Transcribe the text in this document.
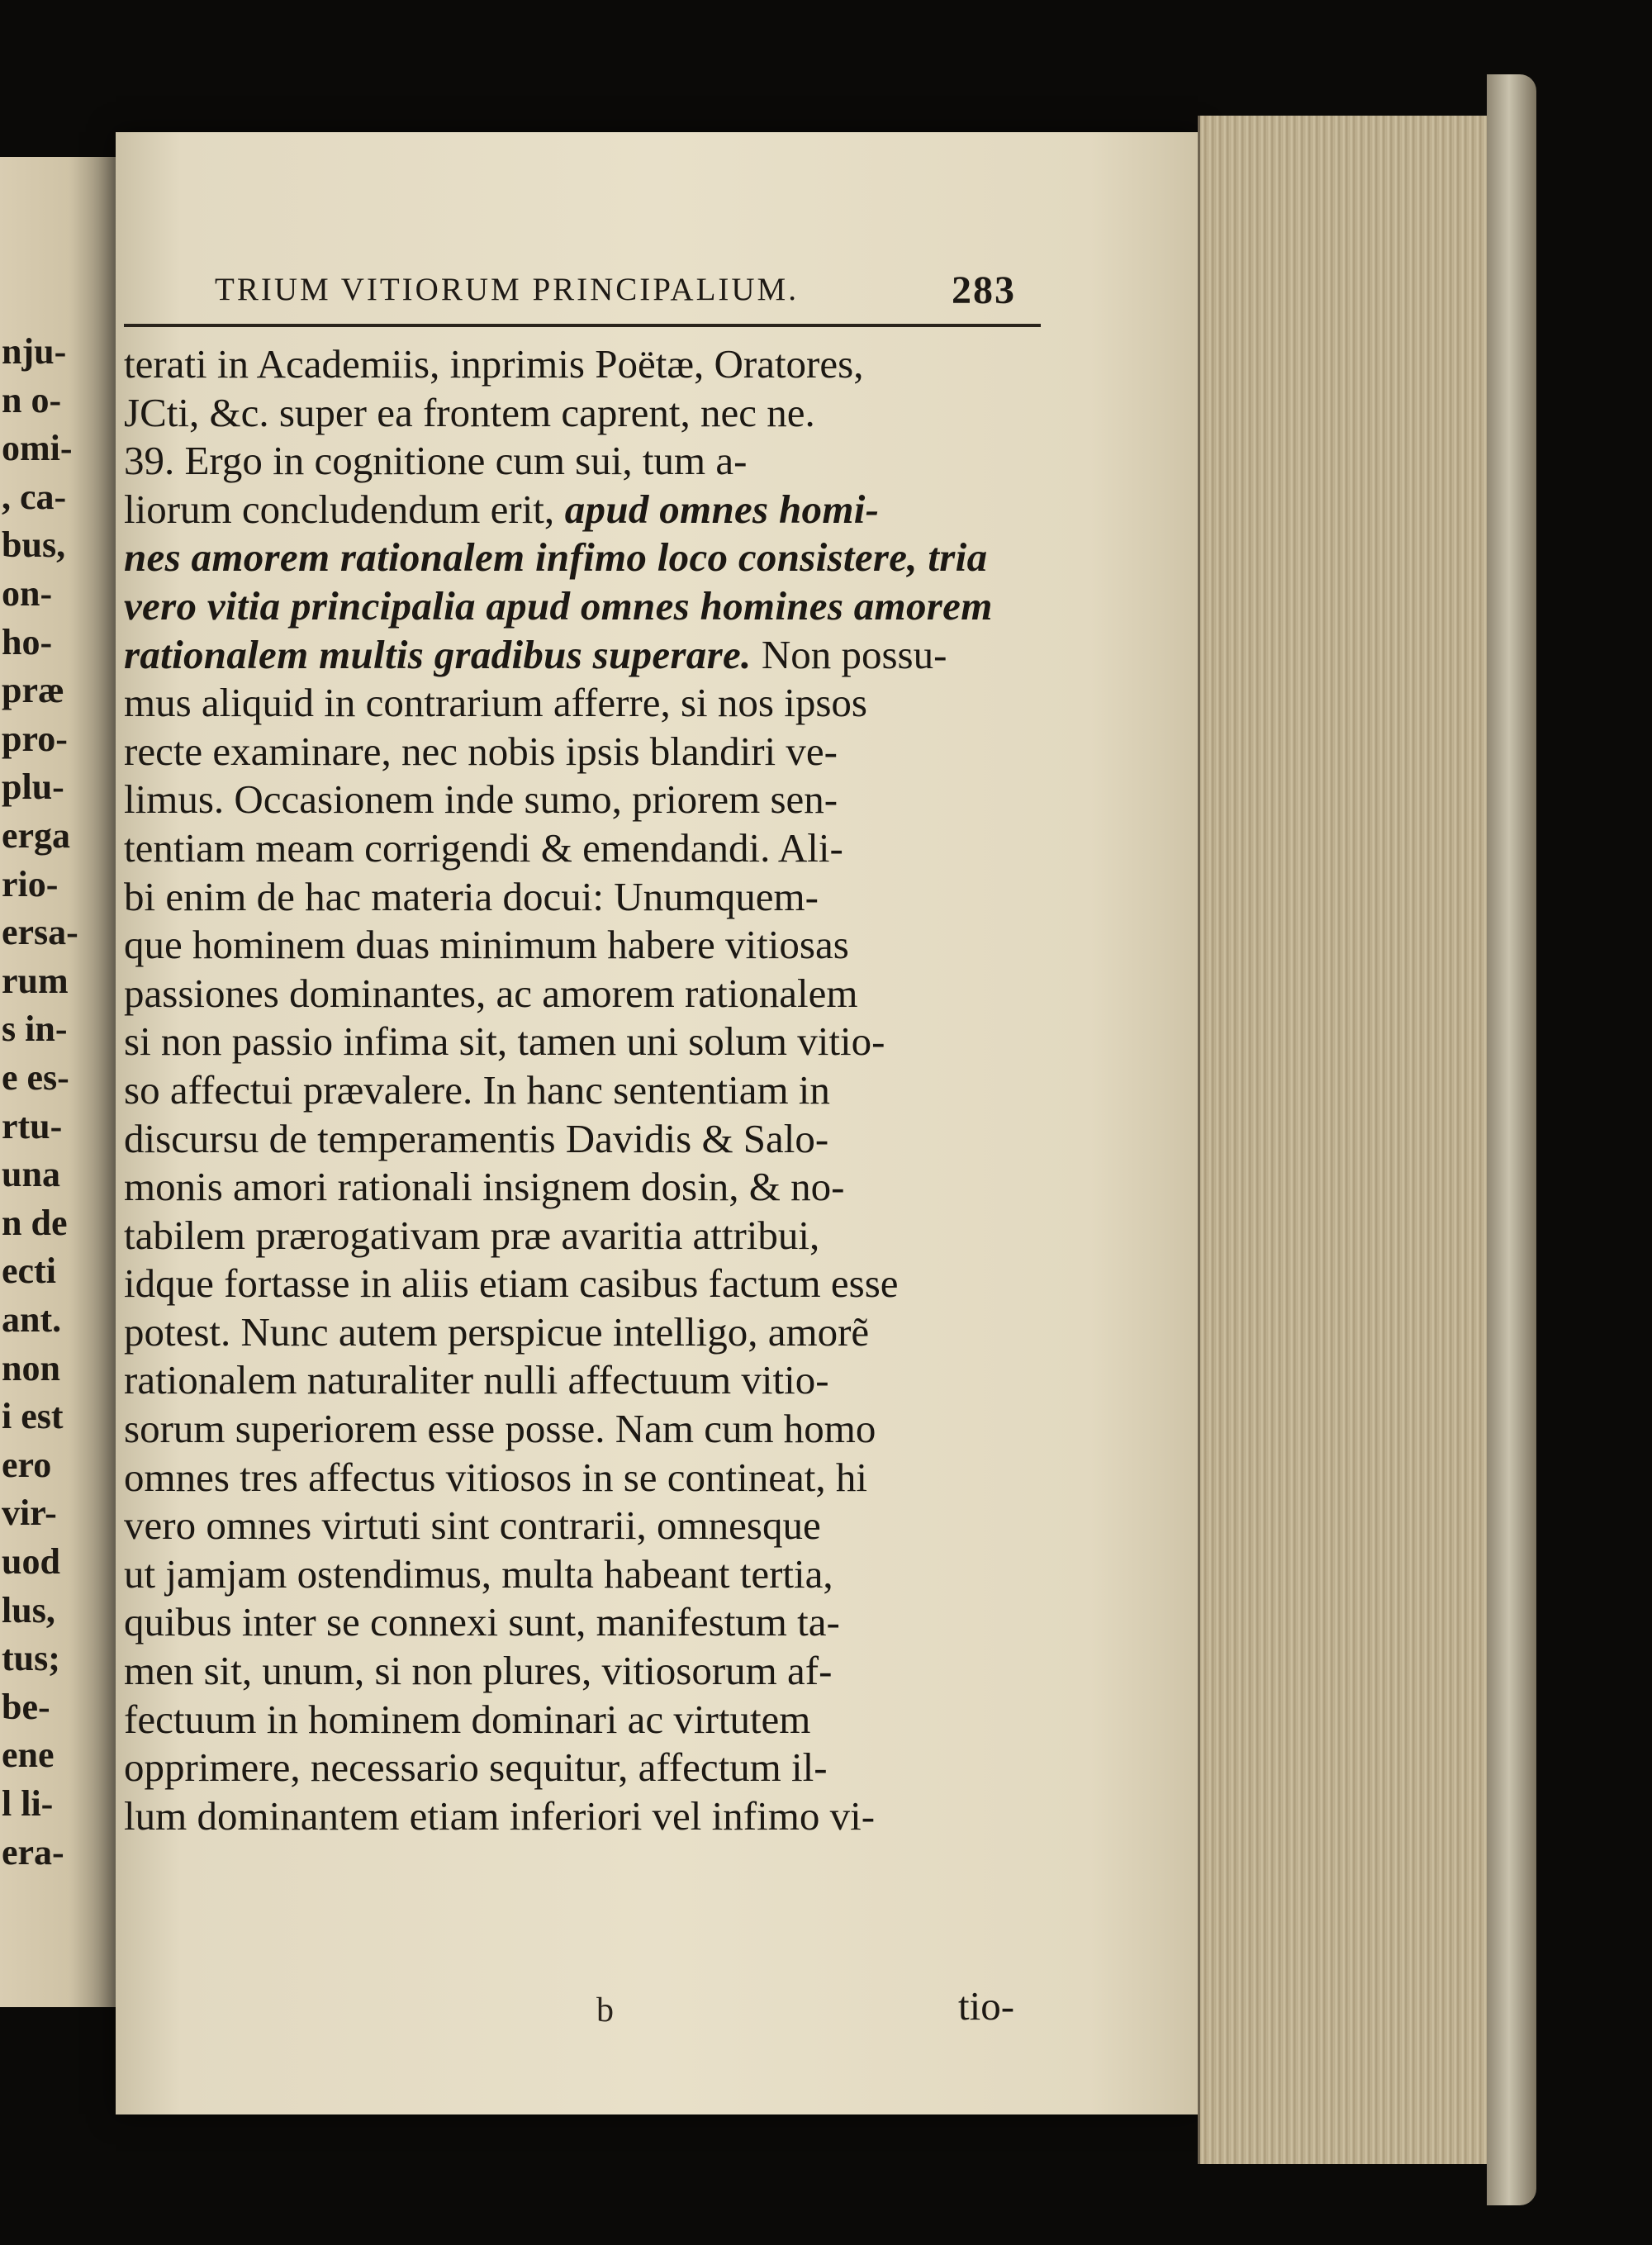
nju-
n o-
omi-
, ca-
bus,
on-
ho-
præ
pro-
plu-
erga
rio-
ersa-
rum
s in-
e es-
rtu-
una
n de
ecti
ant.
non
i est
ero
vir-
uod
lus,
tus;
be-
ene
l li-
era-
TRIUM VITIORUM PRINCIPALIUM.	283
terati in Academiis, inprimis Poëtæ, Oratores,
JCti, &c. super ea frontem caprent, nec ne.
39. Ergo in cognitione cum sui, tum a-
liorum concludendum erit, apud omnes homi-
nes amorem rationalem infimo loco consistere, tria
vero vitia principalia apud omnes homines amorem
rationalem multis gradibus superare. Non possu-
mus aliquid in contrarium afferre, si nos ipsos
recte examinare, nec nobis ipsis blandiri ve-
limus. Occasionem inde sumo, priorem sen-
tentiam meam corrigendi & emendandi. Ali-
bi enim de hac materia docui: Unumquem-
que hominem duas minimum habere vitiosas
passiones dominantes, ac amorem rationalem
si non passio infima sit, tamen uni solum vitio-
so affectui prævalere. In hanc sententiam in
discursu de temperamentis Davidis & Salo-
monis amori rationali insignem dosin, & no-
tabilem prærogativam præ avaritia attribui,
idque fortasse in aliis etiam casibus factum esse
potest. Nunc autem perspicue intelligo, amorẽ
rationalem naturaliter nulli affectuum vitio-
sorum superiorem esse posse. Nam cum homo
omnes tres affectus vitiosos in se contineat, hi
vero omnes virtuti sint contrarii, omnesque
ut jamjam ostendimus, multa habeant tertia,
quibus inter se connexi sunt, manifestum ta-
men sit, unum, si non plures, vitiosorum af-
fectuum in hominem dominari ac virtutem
opprimere, necessario sequitur, affectum il-
lum dominantem etiam inferiori vel infimo vi-
tio-
b
